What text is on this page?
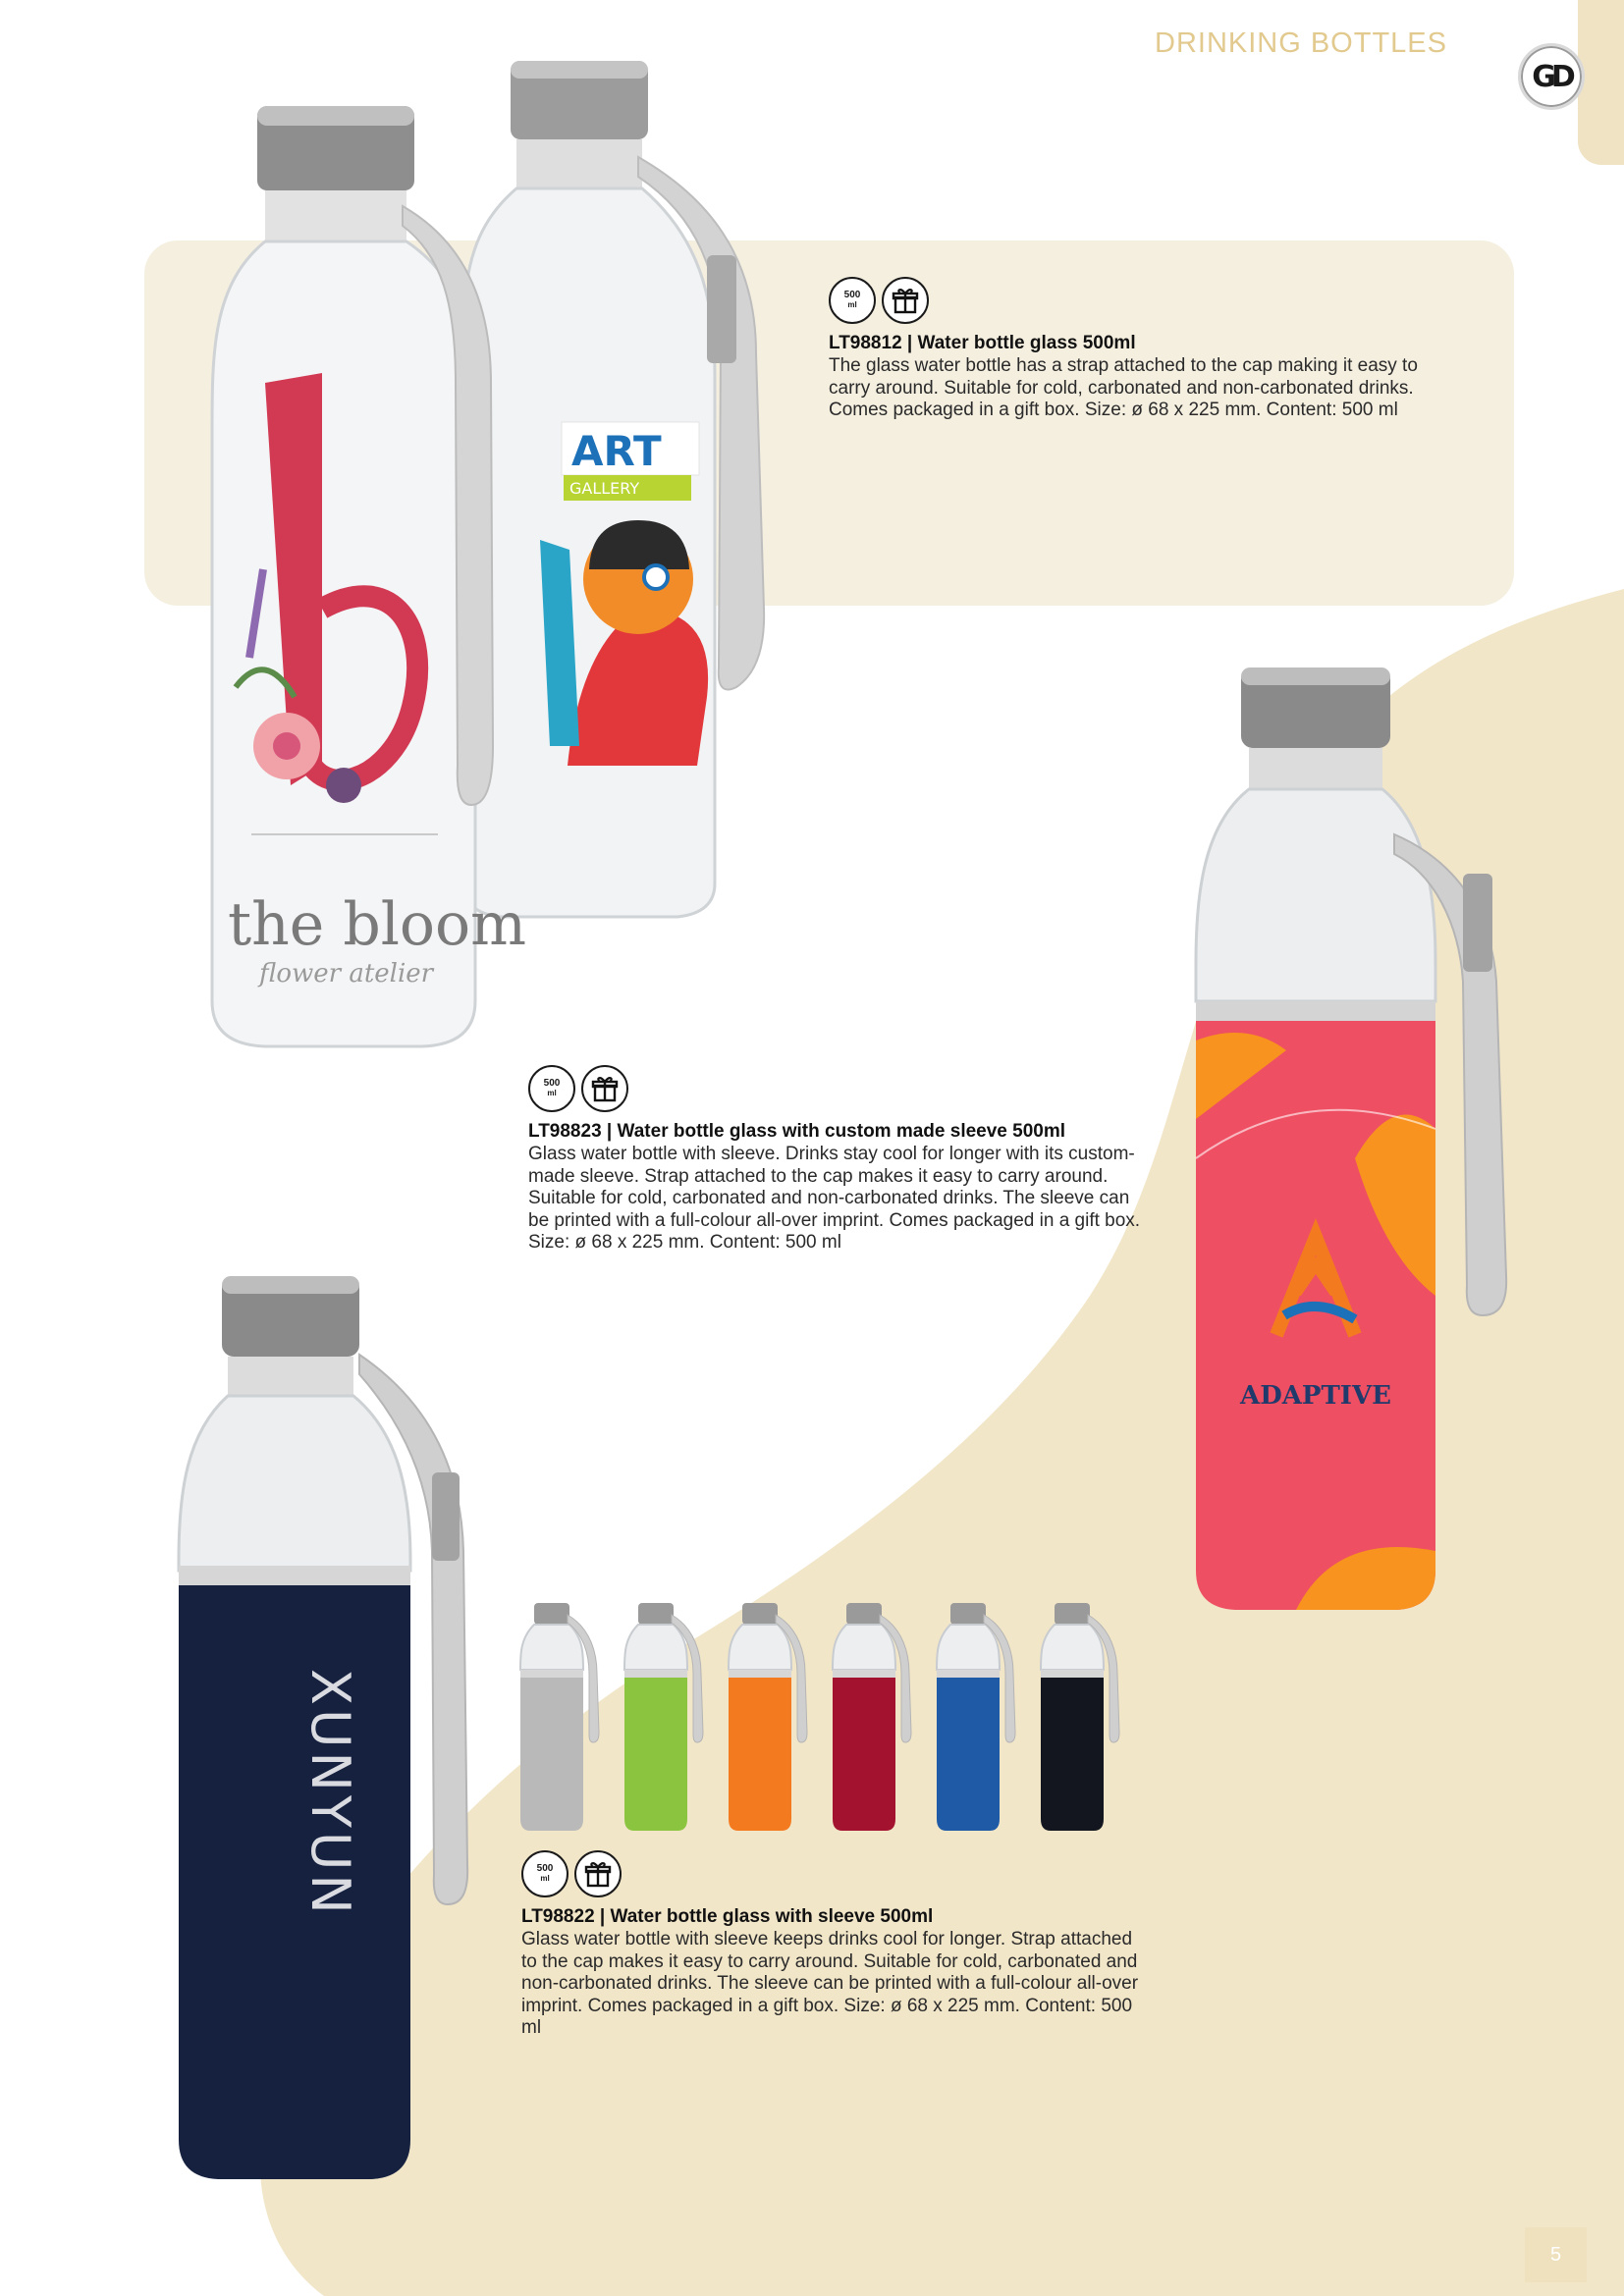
DRINKING BOTTLES
GD
ART
GALLERY
the bloom
flower atelier
500
ml
LT98812 | Water bottle glass 500ml

The glass water bottle has a strap attached to the cap making it easy to carry around. Suitable for cold, carbonated and non-carbonated drinks. Comes packaged in a gift box. Size: ø 68 x 225 mm. Content: 500 ml

ADAPTIVE
500
ml
LT98823 | Water bottle glass with custom made sleeve 500ml

Glass water bottle with sleeve. Drinks stay cool for longer with its custom-made sleeve. Strap attached to the cap makes it easy to carry around. Suitable for cold, carbonated and non-carbonated drinks. The sleeve can be printed with a full-colour all-over imprint. Comes packaged in a gift box. Size: ø 68 x 225 mm. Content: 500 ml

XUNYUN	500
ml
LT98822 | Water bottle glass with sleeve 500ml

Glass water bottle with sleeve keeps drinks cool for longer. Strap attached to the cap makes it easy to carry around. Suitable for cold, carbonated and non-carbonated drinks. The sleeve can be printed with a full-colour all-over imprint. Comes packaged in a gift box. Size: ø 68 x 225 mm. Content: 500 ml

5
